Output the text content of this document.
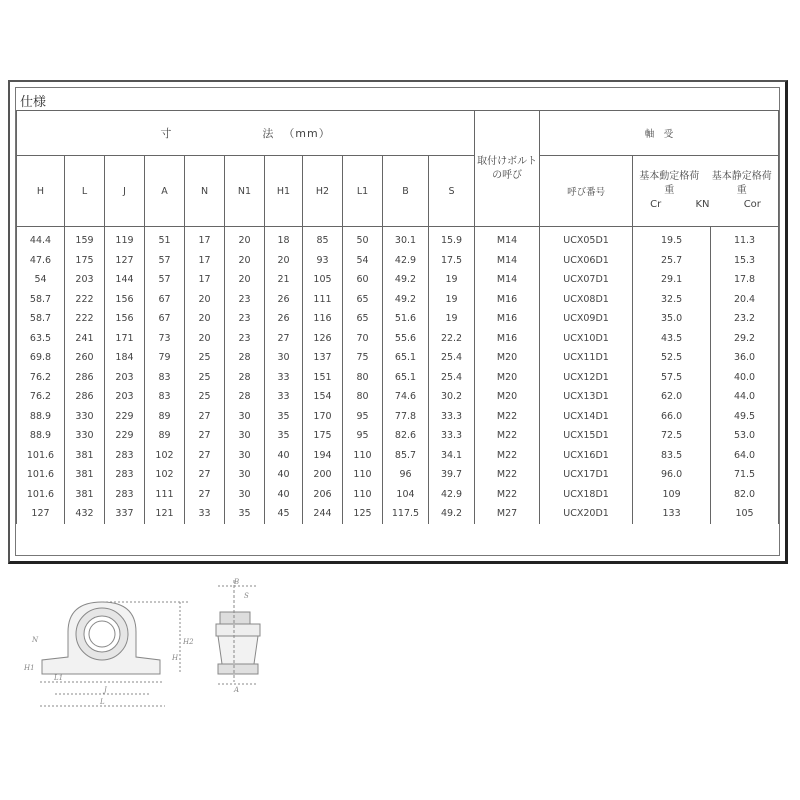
仕様
寸 法 （mm）											取付けボルトの呼び	軸　受		
H	L	J	A	N	N1	H1	H2	L1	B	S		呼び番号	基本動定格荷重
基本静定格荷重
Cr KN Cor	

44.4	159	119	51	17	20	18	85	50	30.1	15.9	M14	UCX05D1	19.5	11.3
47.6	175	127	57	17	20	20	93	54	42.9	17.5	M14	UCX06D1	25.7	15.3
54	203	144	57	17	20	21	105	60	49.2	19	M14	UCX07D1	29.1	17.8
58.7	222	156	67	20	23	26	111	65	49.2	19	M16	UCX08D1	32.5	20.4
58.7	222	156	67	20	23	26	116	65	51.6	19	M16	UCX09D1	35.0	23.2
63.5	241	171	73	20	23	27	126	70	55.6	22.2	M16	UCX10D1	43.5	29.2
69.8	260	184	79	25	28	30	137	75	65.1	25.4	M20	UCX11D1	52.5	36.0
76.2	286	203	83	25	28	33	151	80	65.1	25.4	M20	UCX12D1	57.5	40.0
76.2	286	203	83	25	28	33	154	80	74.6	30.2	M20	UCX13D1	62.0	44.0
88.9	330	229	89	27	30	35	170	95	77.8	33.3	M22	UCX14D1	66.0	49.5
88.9	330	229	89	27	30	35	175	95	82.6	33.3	M22	UCX15D1	72.5	53.0
101.6	381	283	102	27	30	40	194	110	85.7	34.1	M22	UCX16D1	83.5	64.0
101.6	381	283	102	27	30	40	200	110	96	39.7	M22	UCX17D1	96.0	71.5
101.6	381	283	111	27	30	40	206	110	104	42.9	M22	UCX18D1	109	82.0
127	432	337	121	33	35	45	244	125	117.5	49.2	M27	UCX20D1	133	105
J
L
L1
H2
H
H1
N
B
S
A
